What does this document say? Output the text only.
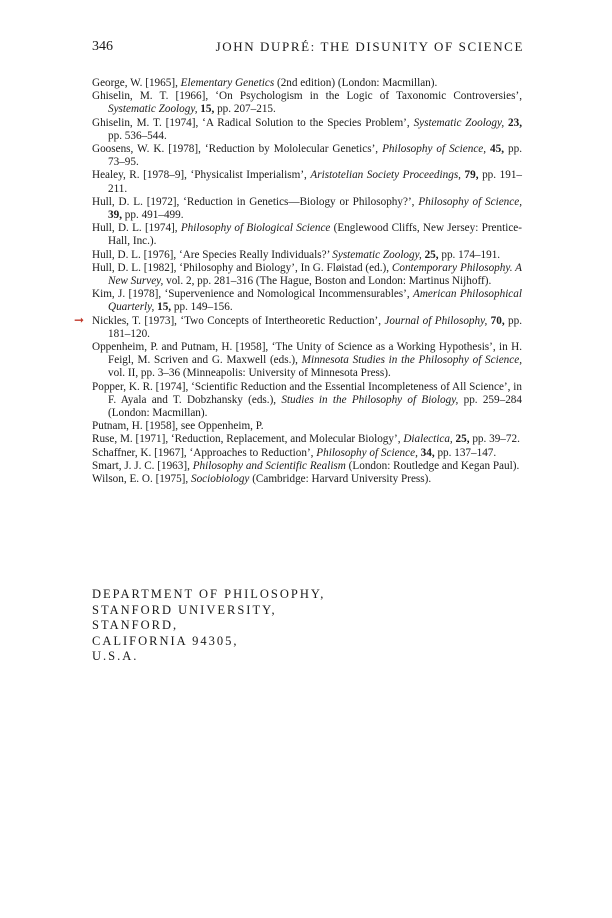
346	JOHN DUPRÉ: THE DISUNITY OF SCIENCE

George, W. [1965], Elementary Genetics (2nd edition) (London: Macmillan).

Ghiselin, M. T. [1966], ‘On Psychologism in the Logic of Taxonomic Controversies’, Systematic Zoology, 15, pp. 207–215.

Ghiselin, M. T. [1974], ‘A Radical Solution to the Species Problem’, Systematic Zoology, 23, pp. 536–544.

Goosens, W. K. [1978], ‘Reduction by Mololecular Genetics’, Philosophy of Science, 45, pp. 73–95.

Healey, R. [1978–9], ‘Physicalist Imperialism’, Aristotelian Society Proceedings, 79, pp. 191–211.

Hull, D. L. [1972], ‘Reduction in Genetics—Biology or Philosophy?’, Philosophy of Science, 39, pp. 491–499.

Hull, D. L. [1974], Philosophy of Biological Science (Englewood Cliffs, New Jersey: Prentice-Hall, Inc.).

Hull, D. L. [1976], ‘Are Species Really Individuals?’ Systematic Zoology, 25, pp. 174–191.

Hull, D. L. [1982], ‘Philosophy and Biology’, In G. Fløistad (ed.), Contemporary Philosophy. A New Survey, vol. 2, pp. 281–316 (The Hague, Boston and London: Martinus Nijhoff).

Kim, J. [1978], ‘Supervenience and Nomological Incommensurables’, American Philosophical Quarterly, 15, pp. 149–156.

➞ Nickles, T. [1973], ‘Two Concepts of Intertheoretic Reduction’, Journal of Philosophy, 70, pp. 181–120.

Oppenheim, P. and Putnam, H. [1958], ‘The Unity of Science as a Working Hypothesis’, in H. Feigl, M. Scriven and G. Maxwell (eds.), Minnesota Studies in the Philosophy of Science, vol. II, pp. 3–36 (Minneapolis: University of Minnesota Press).

Popper, K. R. [1974], ‘Scientific Reduction and the Essential Incompleteness of All Science’, in F. Ayala and T. Dobzhansky (eds.), Studies in the Philosophy of Biology, pp. 259–284 (London: Macmillan).

Putnam, H. [1958], see Oppenheim, P.

Ruse, M. [1971], ‘Reduction, Replacement, and Molecular Biology’, Dialectica, 25, pp. 39–72.

Schaffner, K. [1967], ‘Approaches to Reduction’, Philosophy of Science, 34, pp. 137–147.

Smart, J. J. C. [1963], Philosophy and Scientific Realism (London: Routledge and Kegan Paul).

Wilson, E. O. [1975], Sociobiology (Cambridge: Harvard University Press).

DEPARTMENT OF PHILOSOPHY,
STANFORD UNIVERSITY,
STANFORD,
CALIFORNIA 94305,
U.S.A.
